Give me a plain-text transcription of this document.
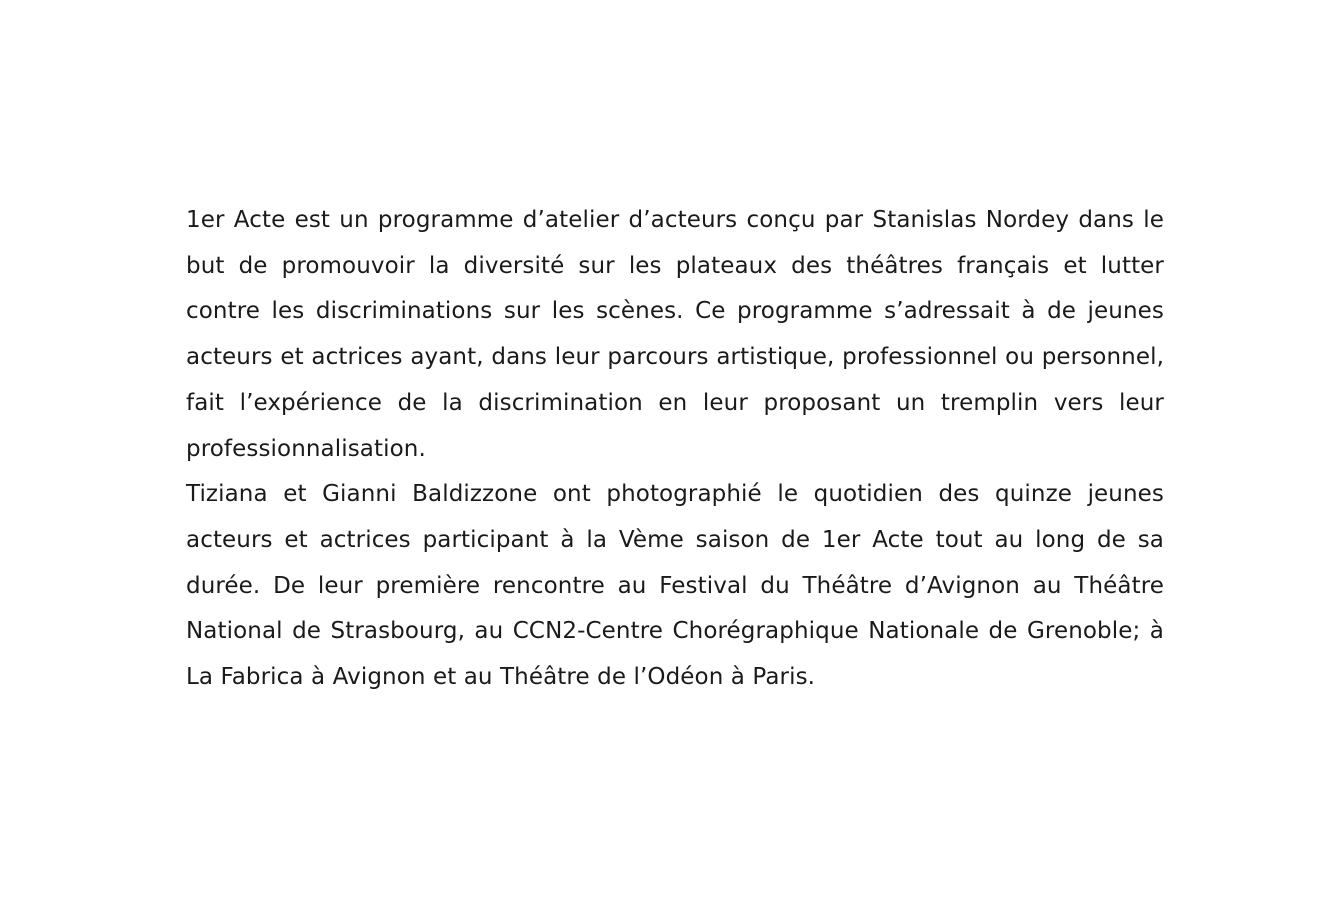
1er Acte est un programme d’atelier d’acteurs conçu par Stanislas Nordey dans le but de promouvoir la diversité sur les plateaux des théâtres français et lutter contre les discriminations sur les scènes. Ce programme s’adressait à de jeunes acteurs et actrices ayant, dans leur parcours artistique, professionnel ou personnel, fait l’expérience de la discrimination en leur proposant un tremplin vers leur professionnalisation.

Tiziana et Gianni Baldizzone ont photographié le quotidien des quinze jeunes acteurs et actrices participant à la Vème saison de 1er Acte tout au long de sa durée. De leur première rencontre au Festival du Théâtre d’Avignon au Théâtre National de Strasbourg, au CCN2-Centre Chorégraphique Nationale de Grenoble; à La Fabrica à Avignon et au Théâtre de l’Odéon à Paris.
